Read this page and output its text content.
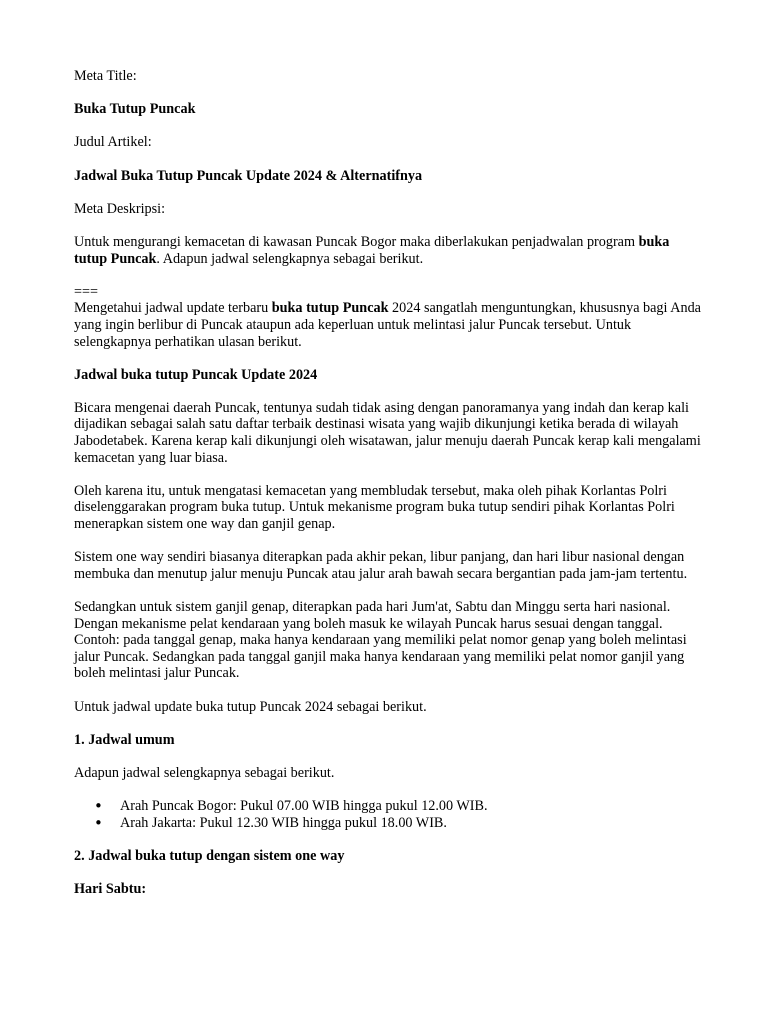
Meta Title:

Buka Tutup Puncak

Judul Artikel:

Jadwal Buka Tutup Puncak Update 2024 & Alternatifnya

Meta Deskripsi:

Untuk mengurangi kemacetan di kawasan Puncak Bogor maka diberlakukan penjadwalan program buka tutup Puncak. Adapun jadwal selengkapnya sebagai berikut.

===

Mengetahui jadwal update terbaru buka tutup Puncak 2024 sangatlah menguntungkan, khususnya bagi Anda yang ingin berlibur di Puncak ataupun ada keperluan untuk melintasi jalur Puncak tersebut. Untuk selengkapnya perhatikan ulasan berikut.

Jadwal buka tutup Puncak Update 2024

Bicara mengenai daerah Puncak, tentunya sudah tidak asing dengan panoramanya yang indah dan kerap kali dijadikan sebagai salah satu daftar terbaik destinasi wisata yang wajib dikunjungi ketika berada di wilayah Jabodetabek. Karena kerap kali dikunjungi oleh wisatawan, jalur menuju daerah Puncak kerap kali mengalami kemacetan yang luar biasa.

Oleh karena itu, untuk mengatasi kemacetan yang membludak tersebut, maka oleh pihak Korlantas Polri diselenggarakan program buka tutup. Untuk mekanisme program buka tutup sendiri pihak Korlantas Polri menerapkan sistem one way dan ganjil genap.

Sistem one way sendiri biasanya diterapkan pada akhir pekan, libur panjang, dan hari libur nasional dengan membuka dan menutup jalur menuju Puncak atau jalur arah bawah secara bergantian pada jam-jam tertentu.

Sedangkan untuk sistem ganjil genap, diterapkan pada hari Jum'at, Sabtu dan Minggu serta hari nasional. Dengan mekanisme pelat kendaraan yang boleh masuk ke wilayah Puncak harus sesuai dengan tanggal. Contoh: pada tanggal genap, maka hanya kendaraan yang memiliki pelat nomor genap yang boleh melintasi jalur Puncak. Sedangkan pada tanggal ganjil maka hanya kendaraan yang memiliki pelat nomor ganjil yang boleh melintasi jalur Puncak.

Untuk jadwal update buka tutup Puncak 2024 sebagai berikut.

1. Jadwal umum

Adapun jadwal selengkapnya sebagai berikut.

• Arah Puncak Bogor: Pukul 07.00 WIB hingga pukul 12.00 WIB.
• Arah Jakarta: Pukul 12.30 WIB hingga pukul 18.00 WIB.
2. Jadwal buka tutup dengan sistem one way
Hari Sabtu:
